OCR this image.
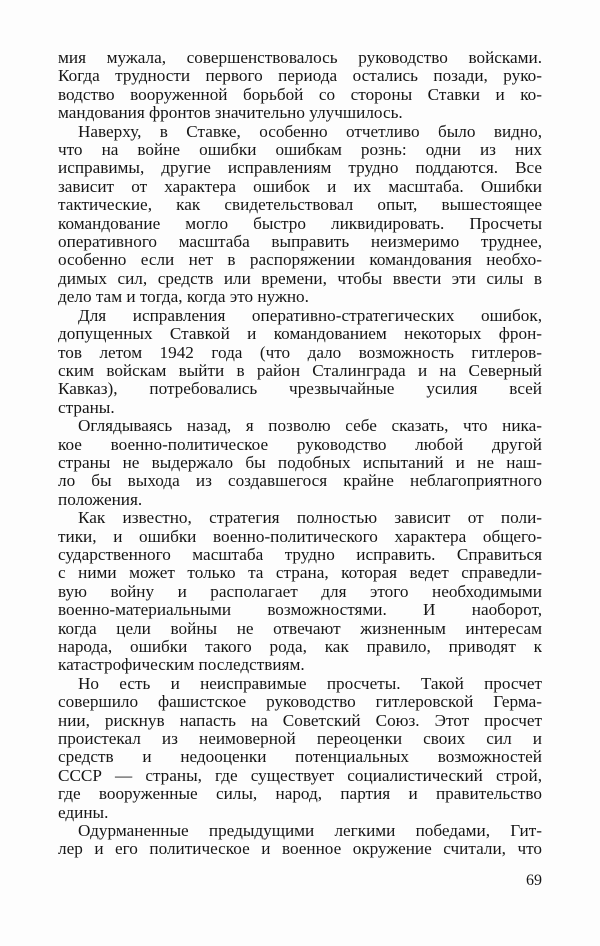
мия мужала, совершенствовалось руководство войсками.
Когда трудности первого периода остались позади, руко-
водство вооруженной борьбой со стороны Ставки и ко-
мандования фронтов значительно улучшилось.
Наверху, в Ставке, особенно отчетливо было видно,
что на войне ошибки ошибкам рознь: одни из них
исправимы, другие исправлениям трудно поддаются. Все
зависит от характера ошибок и их масштаба. Ошибки
тактические, как свидетельствовал опыт, вышестоящее
командование могло быстро ликвидировать. Просчеты
оперативного масштаба выправить неизмеримо труднее,
особенно если нет в распоряжении командования необхо-
димых сил, средств или времени, чтобы ввести эти силы в
дело там и тогда, когда это нужно.
Для исправления оперативно-стратегических ошибок,
допущенных Ставкой и командованием некоторых фрон-
тов летом 1942 года (что дало возможность гитлеров-
ским войскам выйти в район Сталинграда и на Северный
Кавказ), потребовались чрезвычайные усилия всей
страны.
Оглядываясь назад, я позволю себе сказать, что ника-
кое военно-политическое руководство любой другой
страны не выдержало бы подобных испытаний и не наш-
ло бы выхода из создавшегося крайне неблагоприятного
положения.
Как известно, стратегия полностью зависит от поли-
тики, и ошибки военно-политического характера общего-
сударственного масштаба трудно исправить. Справиться
с ними может только та страна, которая ведет справедли-
вую войну и располагает для этого необходимыми
военно-материальными возможностями. И наоборот,
когда цели войны не отвечают жизненным интересам
народа, ошибки такого рода, как правило, приводят к
катастрофическим последствиям.
Но есть и неисправимые просчеты. Такой просчет
совершило фашистское руководство гитлеровской Герма-
нии, рискнув напасть на Советский Союз. Этот просчет
проистекал из неимоверной переоценки своих сил и
средств и недооценки потенциальных возможностей
СССР — страны, где существует социалистический строй,
где вооруженные силы, народ, партия и правительство
едины.
Одурманенные предыдущими легкими победами, Гит-
лер и его политическое и военное окружение считали, что
69
